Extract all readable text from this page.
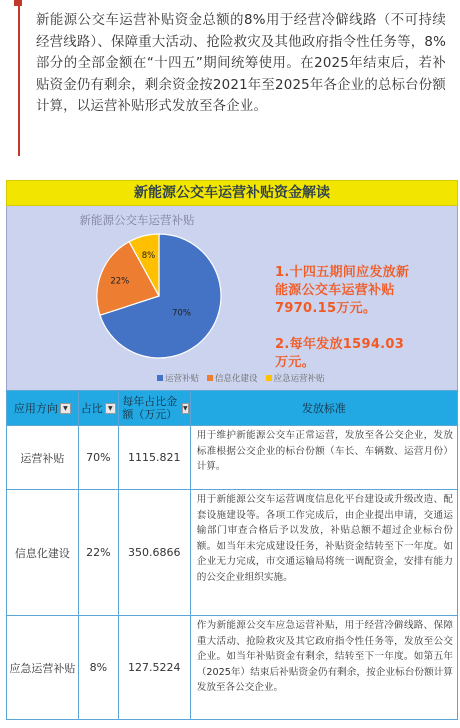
新能源公交车运营补贴资金总额的8%用于经营冷僻线路（不可持续经营线路）、保障重大活动、抢险救灾及其他政府指令性任务等，8%部分的全部金额在“十四五”期间统筹使用。在2025年结束后，若补贴资金仍有剩余，剩余资金按2021年至2025年各企业的总标台份额计算，以运营补贴形式发放至各企业。

新能源公交车运营补贴资金解读
新能源公交车运营补贴
70%
22%
8%
运营补贴 信息化建设 应急运营补贴
1.十四五期间应发放新能源公交车运营补贴7970.15万元。
2.每年发放1594.03万元。
应用方向 ▼	占比 ▼	每年占比金额（万元） ▼	发放标准
运营补贴	70%	1115.821	用于维护新能源公交车正常运营，发放至各公交企业，发放标准根据公交企业的标台份额（车长、车辆数、运营月份）计算。
信息化建设	22%	350.6866	用于新能源公交车运营调度信息化平台建设或升级改造、配套设施建设等。各项工作完成后，由企业提出申请，交通运输部门审查合格后予以发放，补贴总额不超过企业标台份额。如当年未完成建设任务，补贴资金结转至下一年度。如企业无力完成，市交通运输局将统一调配资金，安排有能力的公交企业组织实施。
应急运营补贴	8%	127.5224	作为新能源公交车应急运营补贴，用于经营冷僻线路、保障重大活动、抢险救灾及其它政府指令性任务等，发放至公交企业。如当年补贴资金有剩余，结转至下一年度。如第五年（2025年）结束后补贴资金仍有剩余，按企业标台份额计算发放至各公交企业。
